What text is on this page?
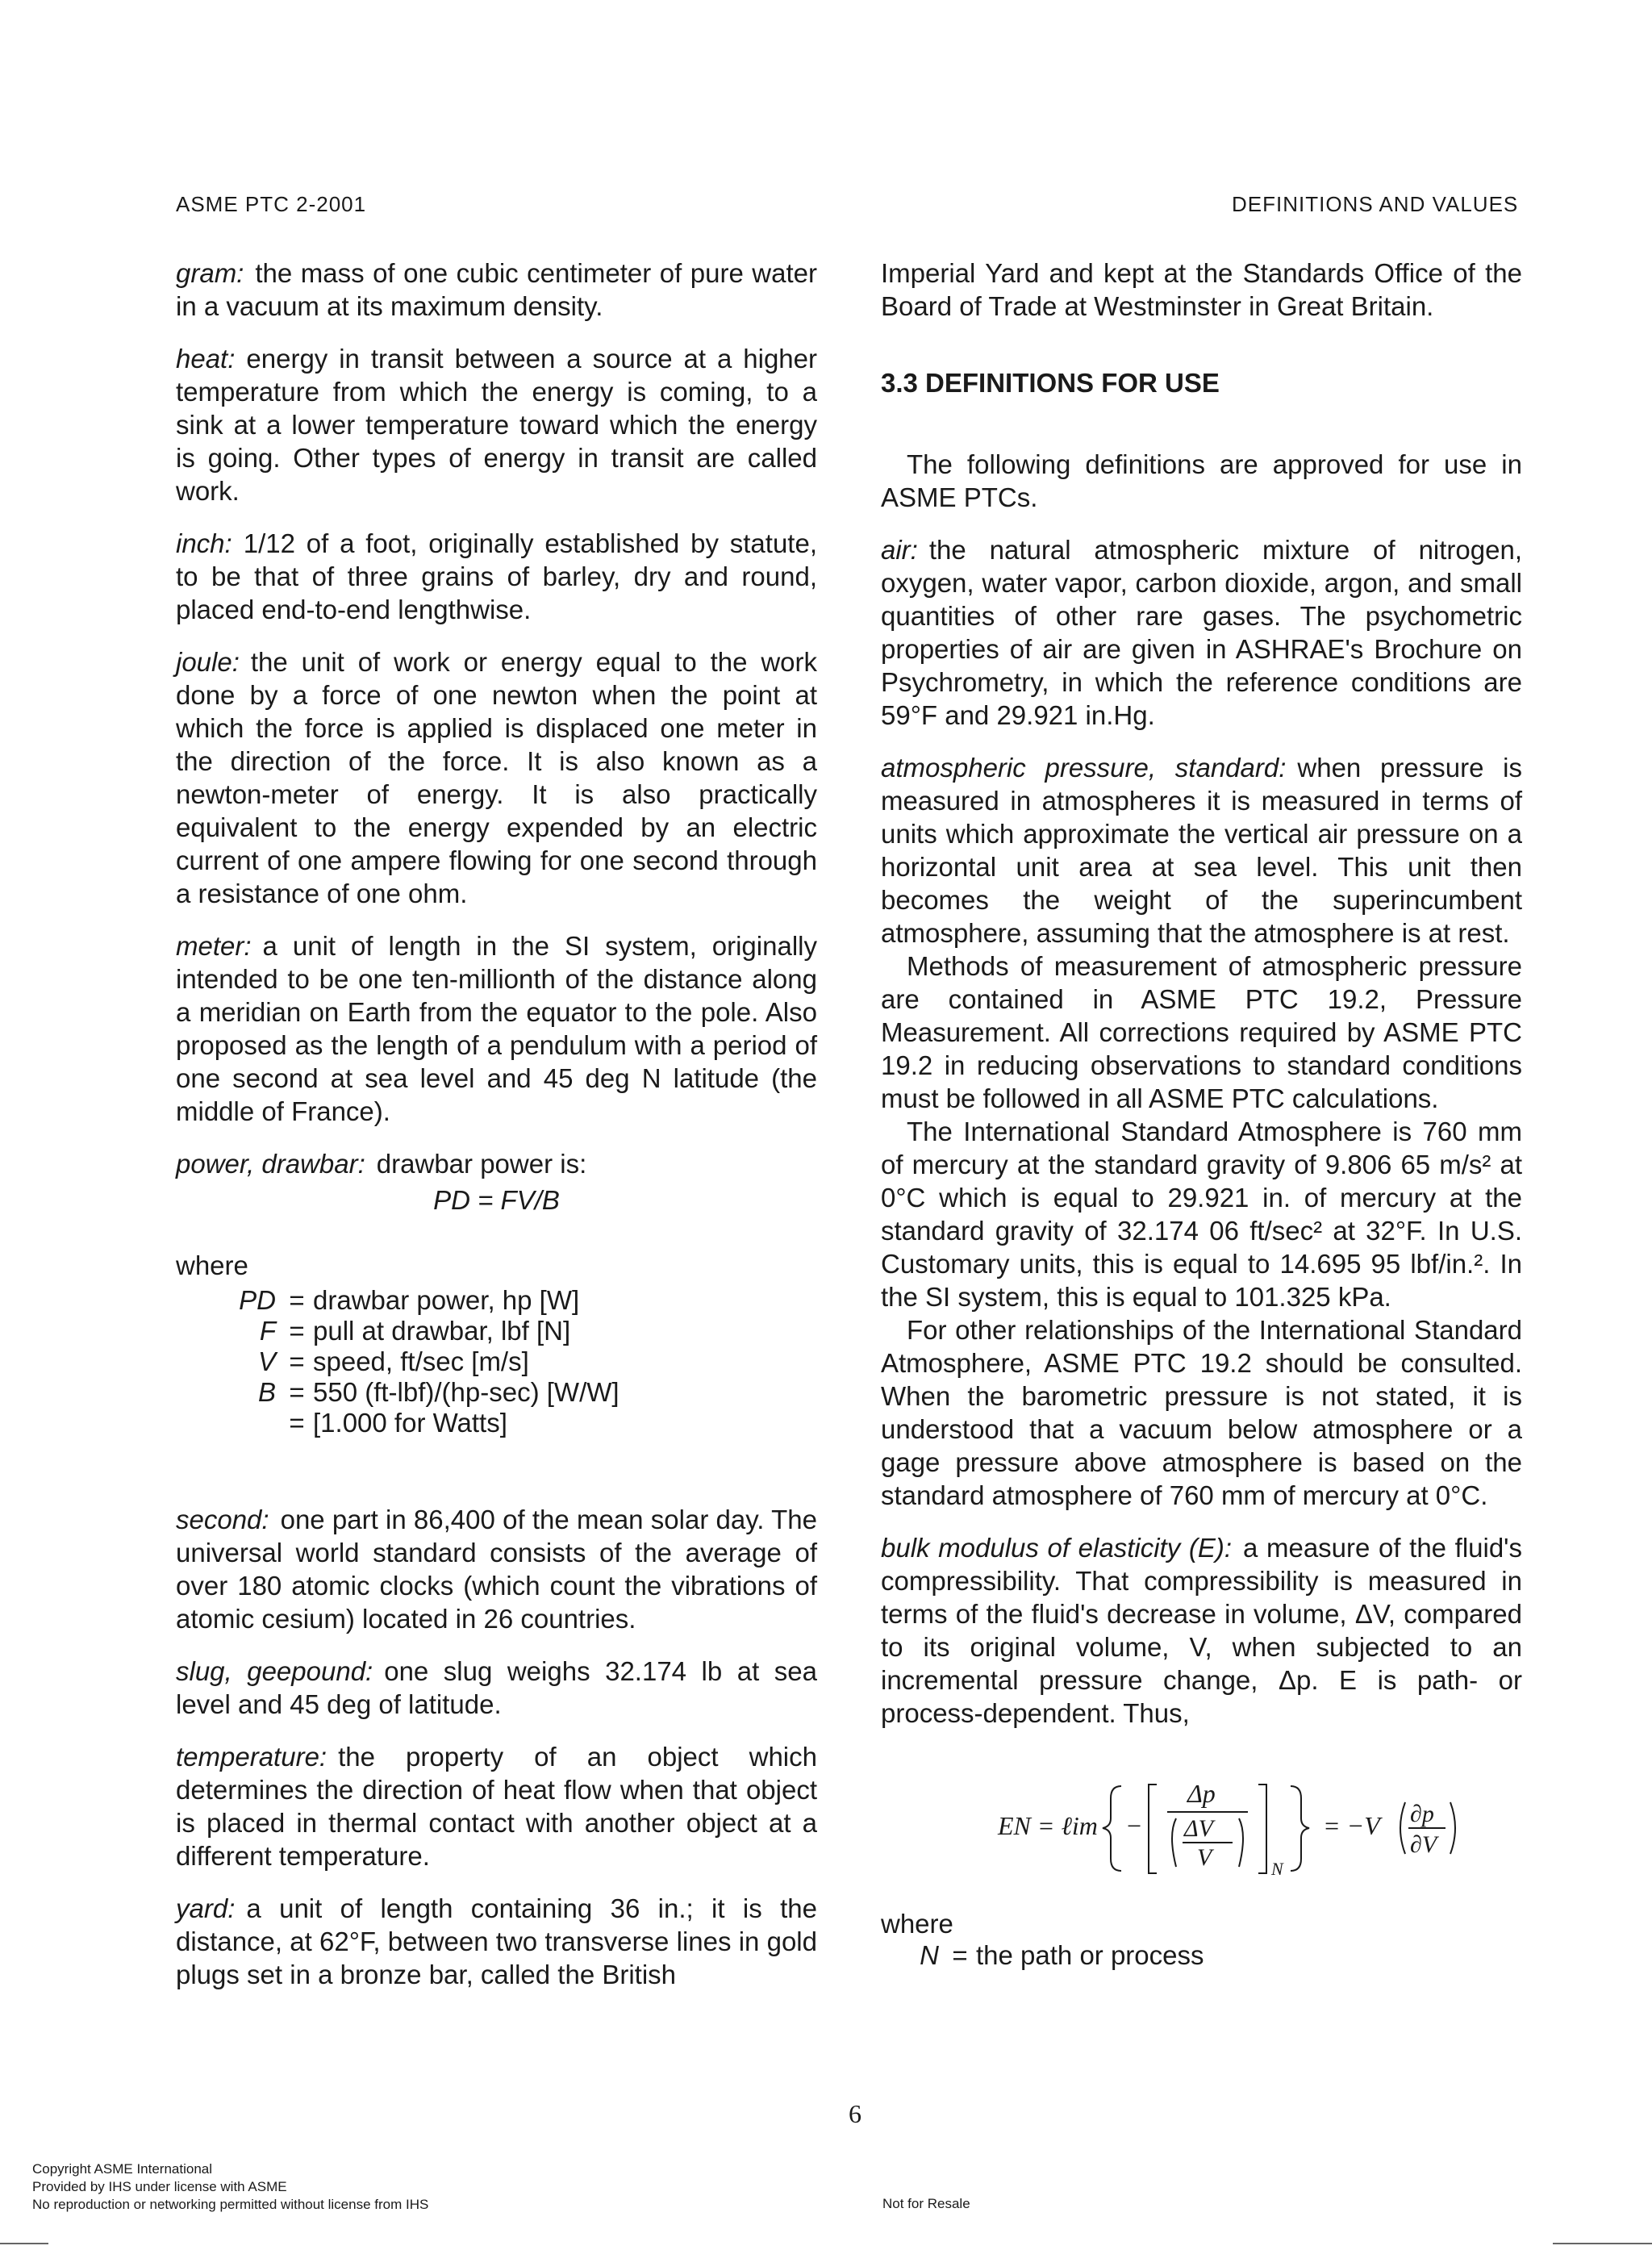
ASME PTC 2-2001	DEFINITIONS AND VALUES

gram: the mass of one cubic centimeter of pure water in a vacuum at its maximum density.

heat: energy in transit between a source at a higher temperature from which the energy is coming, to a sink at a lower temperature toward which the energy is going. Other types of energy in transit are called work.

inch: 1/12 of a foot, originally established by statute, to be that of three grains of barley, dry and round, placed end-to-end lengthwise.

joule: the unit of work or energy equal to the work done by a force of one newton when the point at which the force is applied is displaced one meter in the direction of the force. It is also known as a newton-meter of energy. It is also practically equivalent to the energy expended by an electric current of one ampere flowing for one second through a resistance of one ohm.

meter: a unit of length in the SI system, originally intended to be one ten-millionth of the distance along a meridian on Earth from the equator to the pole. Also proposed as the length of a pendulum with a period of one second at sea level and 45 deg N latitude (the middle of France).

power, drawbar: drawbar power is:

PD = FV/B
where
PD = drawbar power, hp [W]
F = pull at drawbar, lbf [N]
V = speed, ft/sec [m/s]
B = 550 (ft-lbf)/(hp-sec) [W/W]
= [1.000 for Watts]

second: one part in 86,400 of the mean solar day. The universal world standard consists of the average of over 180 atomic clocks (which count the vibrations of atomic cesium) located in 26 countries.

slug, geepound: one slug weighs 32.174 lb at sea level and 45 deg of latitude.

temperature: the property of an object which determines the direction of heat flow when that object is placed in thermal contact with another object at a different temperature.

yard: a unit of length containing 36 in.; it is the distance, at 62°F, between two transverse lines in gold plugs set in a bronze bar, called the British

Imperial Yard and kept at the Standards Office of the Board of Trade at Westminster in Great Britain.

3.3 DEFINITIONS FOR USE

The following definitions are approved for use in ASME PTCs.

air: the natural atmospheric mixture of nitrogen, oxygen, water vapor, carbon dioxide, argon, and small quantities of other rare gases. The psychometric properties of air are given in ASHRAE's Brochure on Psychrometry, in which the reference conditions are 59°F and 29.921 in.Hg.

atmospheric pressure, standard: when pressure is measured in atmospheres it is measured in terms of units which approximate the vertical air pressure on a horizontal unit area at sea level. This unit then becomes the weight of the superincumbent atmosphere, assuming that the atmosphere is at rest.

Methods of measurement of atmospheric pressure are contained in ASME PTC 19.2, Pressure Measurement. All corrections required by ASME PTC 19.2 in reducing observations to standard conditions must be followed in all ASME PTC calculations.

The International Standard Atmosphere is 760 mm of mercury at the standard gravity of 9.806 65 m/s² at 0°C which is equal to 29.921 in. of mercury at the standard gravity of 32.174 06 ft/sec² at 32°F. In U.S. Customary units, this is equal to 14.695 95 lbf/in.². In the SI system, this is equal to 101.325 kPa.

For other relationships of the International Standard Atmosphere, ASME PTC 19.2 should be consulted. When the barometric pressure is not stated, it is understood that a vacuum below atmosphere or a gage pressure above atmosphere is based on the standard atmosphere of 760 mm of mercury at 0°C.

bulk modulus of elasticity (E): a measure of the fluid's compressibility. That compressibility is measured in terms of the fluid's decrease in volume, ΔV, compared to its original volume, V, when subjected to an incremental pressure change, Δp. E is path- or process-dependent. Thus,

EN = ℓim −
Δp
ΔV
V	N
= −V ∂p
∂V
where
N = the path or process
6
Copyright ASME International
Provided by IHS under license with ASME
No reproduction or networking permitted without license from IHS	Not for Resale
